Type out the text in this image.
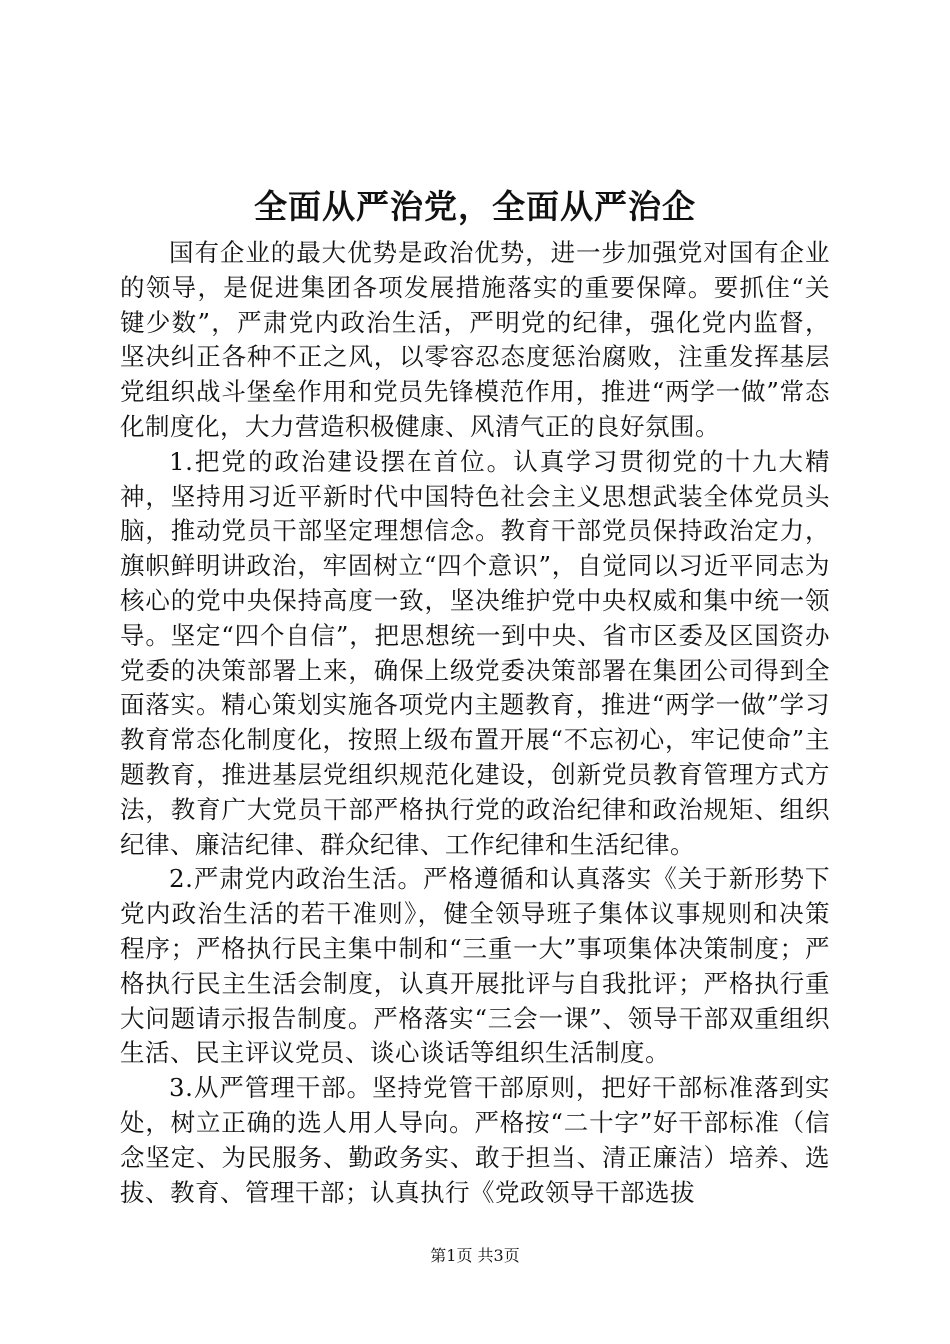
全面从严治党，全面从严治企

国有企业的最大优势是政治优势，进一步加强党对国有企业的领导，是促进集团各项发展措施落实的重要保障。要抓住“关键少数”，严肃党内政治生活，严明党的纪律，强化党内监督，坚决纠正各种不正之风，以零容忍态度惩治腐败，注重发挥基层党组织战斗堡垒作用和党员先锋模范作用，推进“两学一做”常态化制度化，大力营造积极健康、风清气正的良好氛围。

1.把党的政治建设摆在首位。认真学习贯彻党的十九大精神，坚持用习近平新时代中国特色社会主义思想武装全体党员头脑，推动党员干部坚定理想信念。教育干部党员保持政治定力，旗帜鲜明讲政治，牢固树立“四个意识”，自觉同以习近平同志为核心的党中央保持高度一致，坚决维护党中央权威和集中统一领导。坚定“四个自信”，把思想统一到中央、省市区委及区国资办党委的决策部署上来，确保上级党委决策部署在集团公司得到全面落实。精心策划实施各项党内主题教育，推进“两学一做”学习教育常态化制度化，按照上级布置开展“不忘初心，牢记使命”主题教育，推进基层党组织规范化建设，创新党员教育管理方式方法，教育广大党员干部严格执行党的政治纪律和政治规矩、组织纪律、廉洁纪律、群众纪律、工作纪律和生活纪律。

2.严肃党内政治生活。严格遵循和认真落实《关于新形势下党内政治生活的若干准则》，健全领导班子集体议事规则和决策程序；严格执行民主集中制和“三重一大”事项集体决策制度；严格执行民主生活会制度，认真开展批评与自我批评；严格执行重大问题请示报告制度。严格落实“三会一课”、领导干部双重组织生活、民主评议党员、谈心谈话等组织生活制度。

3.从严管理干部。坚持党管干部原则，把好干部标准落到实处，树立正确的选人用人导向。严格按“二十字”好干部标准（信念坚定、为民服务、勤政务实、敢于担当、清正廉洁）培养、选拔、教育、管理干部；认真执行《党政领导干部选拔

第1页 共3页
